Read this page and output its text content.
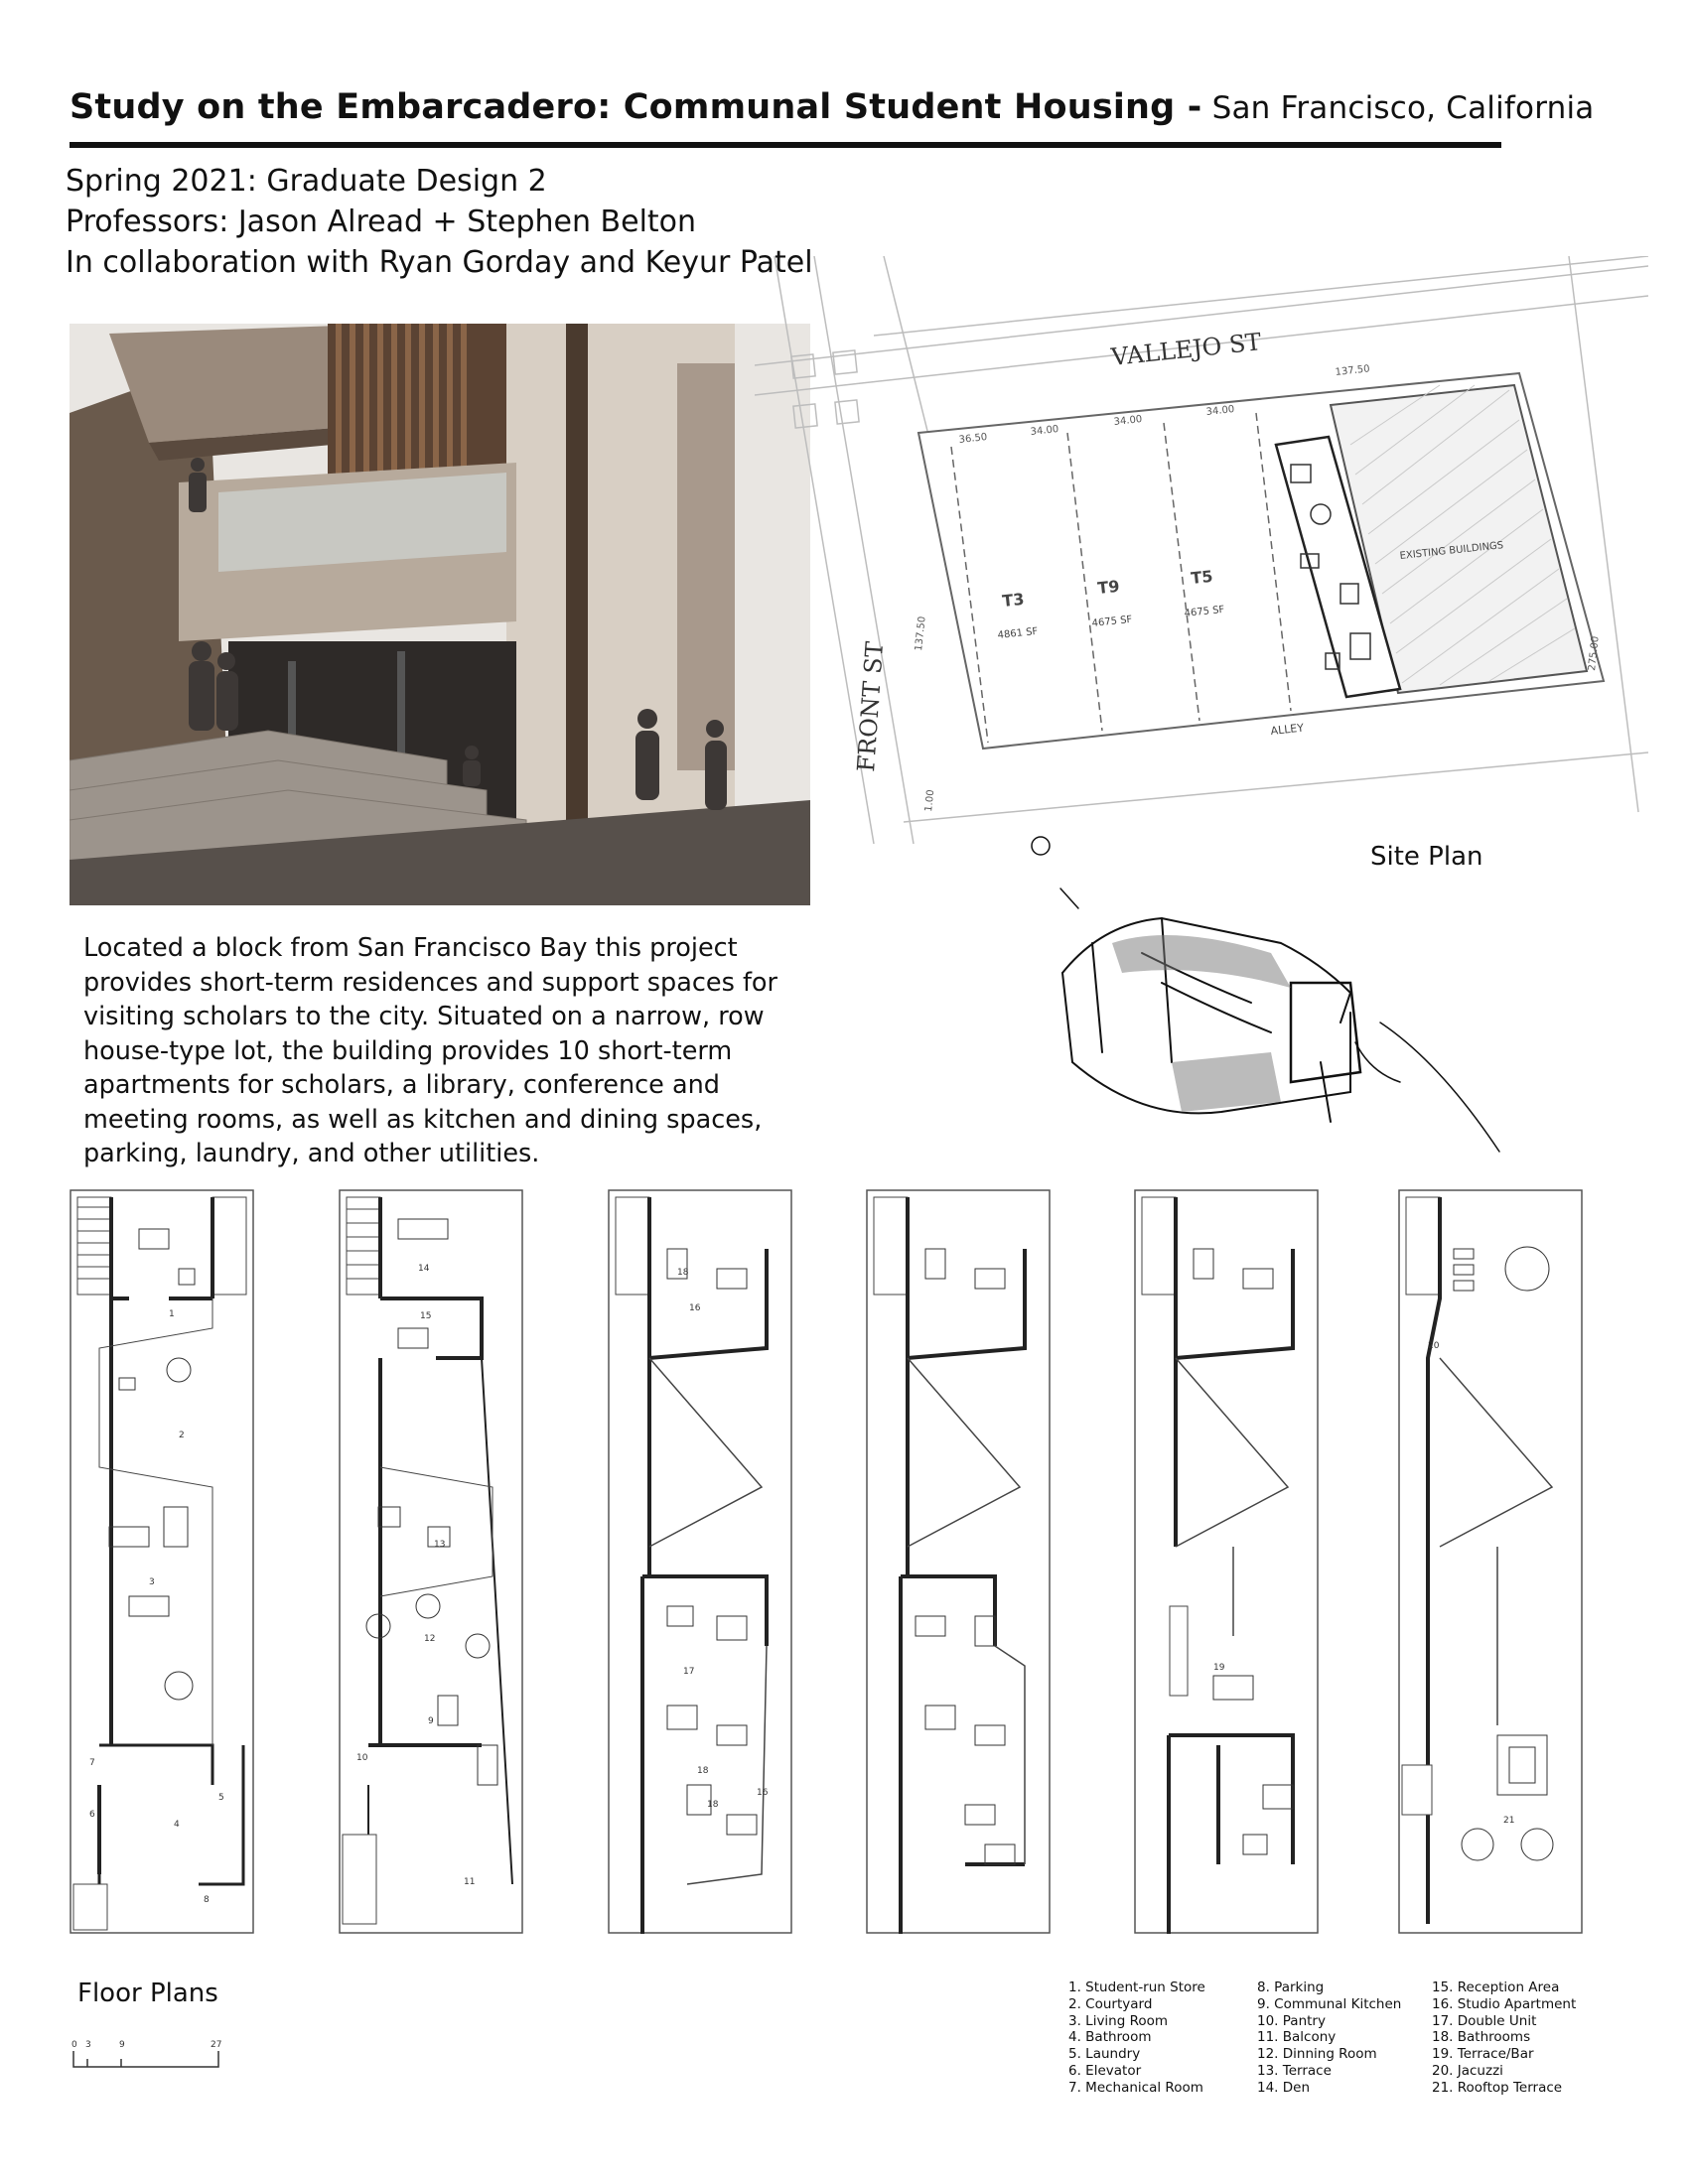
Study on the Embarcadero: Communal Student Housing - San Francisco, California
Spring 2021: Graduate Design 2
Professors: Jason Alread + Stephen Belton
In collaboration with Ryan Gorday and Keyur Patel
VALLEJO ST
FRONT ST	ALLEY
EXISTING BUILDINGS
T3
4861 SF
T9
4675 SF
T5
4675 SF
36.50
34.00
34.00
34.00
137.50
137.50
275.00
1.00
Site Plan
Located a block from San Francisco Bay this project provides short-term residences and support spaces for visiting scholars to the city. Situated on a narrow, row house-type lot, the building provides 10 short-term apartments for scholars, a library, conference and meeting rooms, as well as kitchen and dining spaces, parking, laundry, and other utilities.
1
2
3
4
5
6
7
8
14
15
13
12
9
10
11
18
16
17
18
18
16
19
20
21
Floor Plans
0 3	9	27
1. Student-run Store
2. Courtyard
3. Living Room
4. Bathroom
5. Laundry
6. Elevator
7. Mechanical Room
8. Parking
9. Communal Kitchen
10. Pantry
11. Balcony
12. Dinning Room
13. Terrace
14. Den
15. Reception Area
16. Studio Apartment
17. Double Unit
18. Bathrooms
19. Terrace/Bar
20. Jacuzzi
21. Rooftop Terrace
